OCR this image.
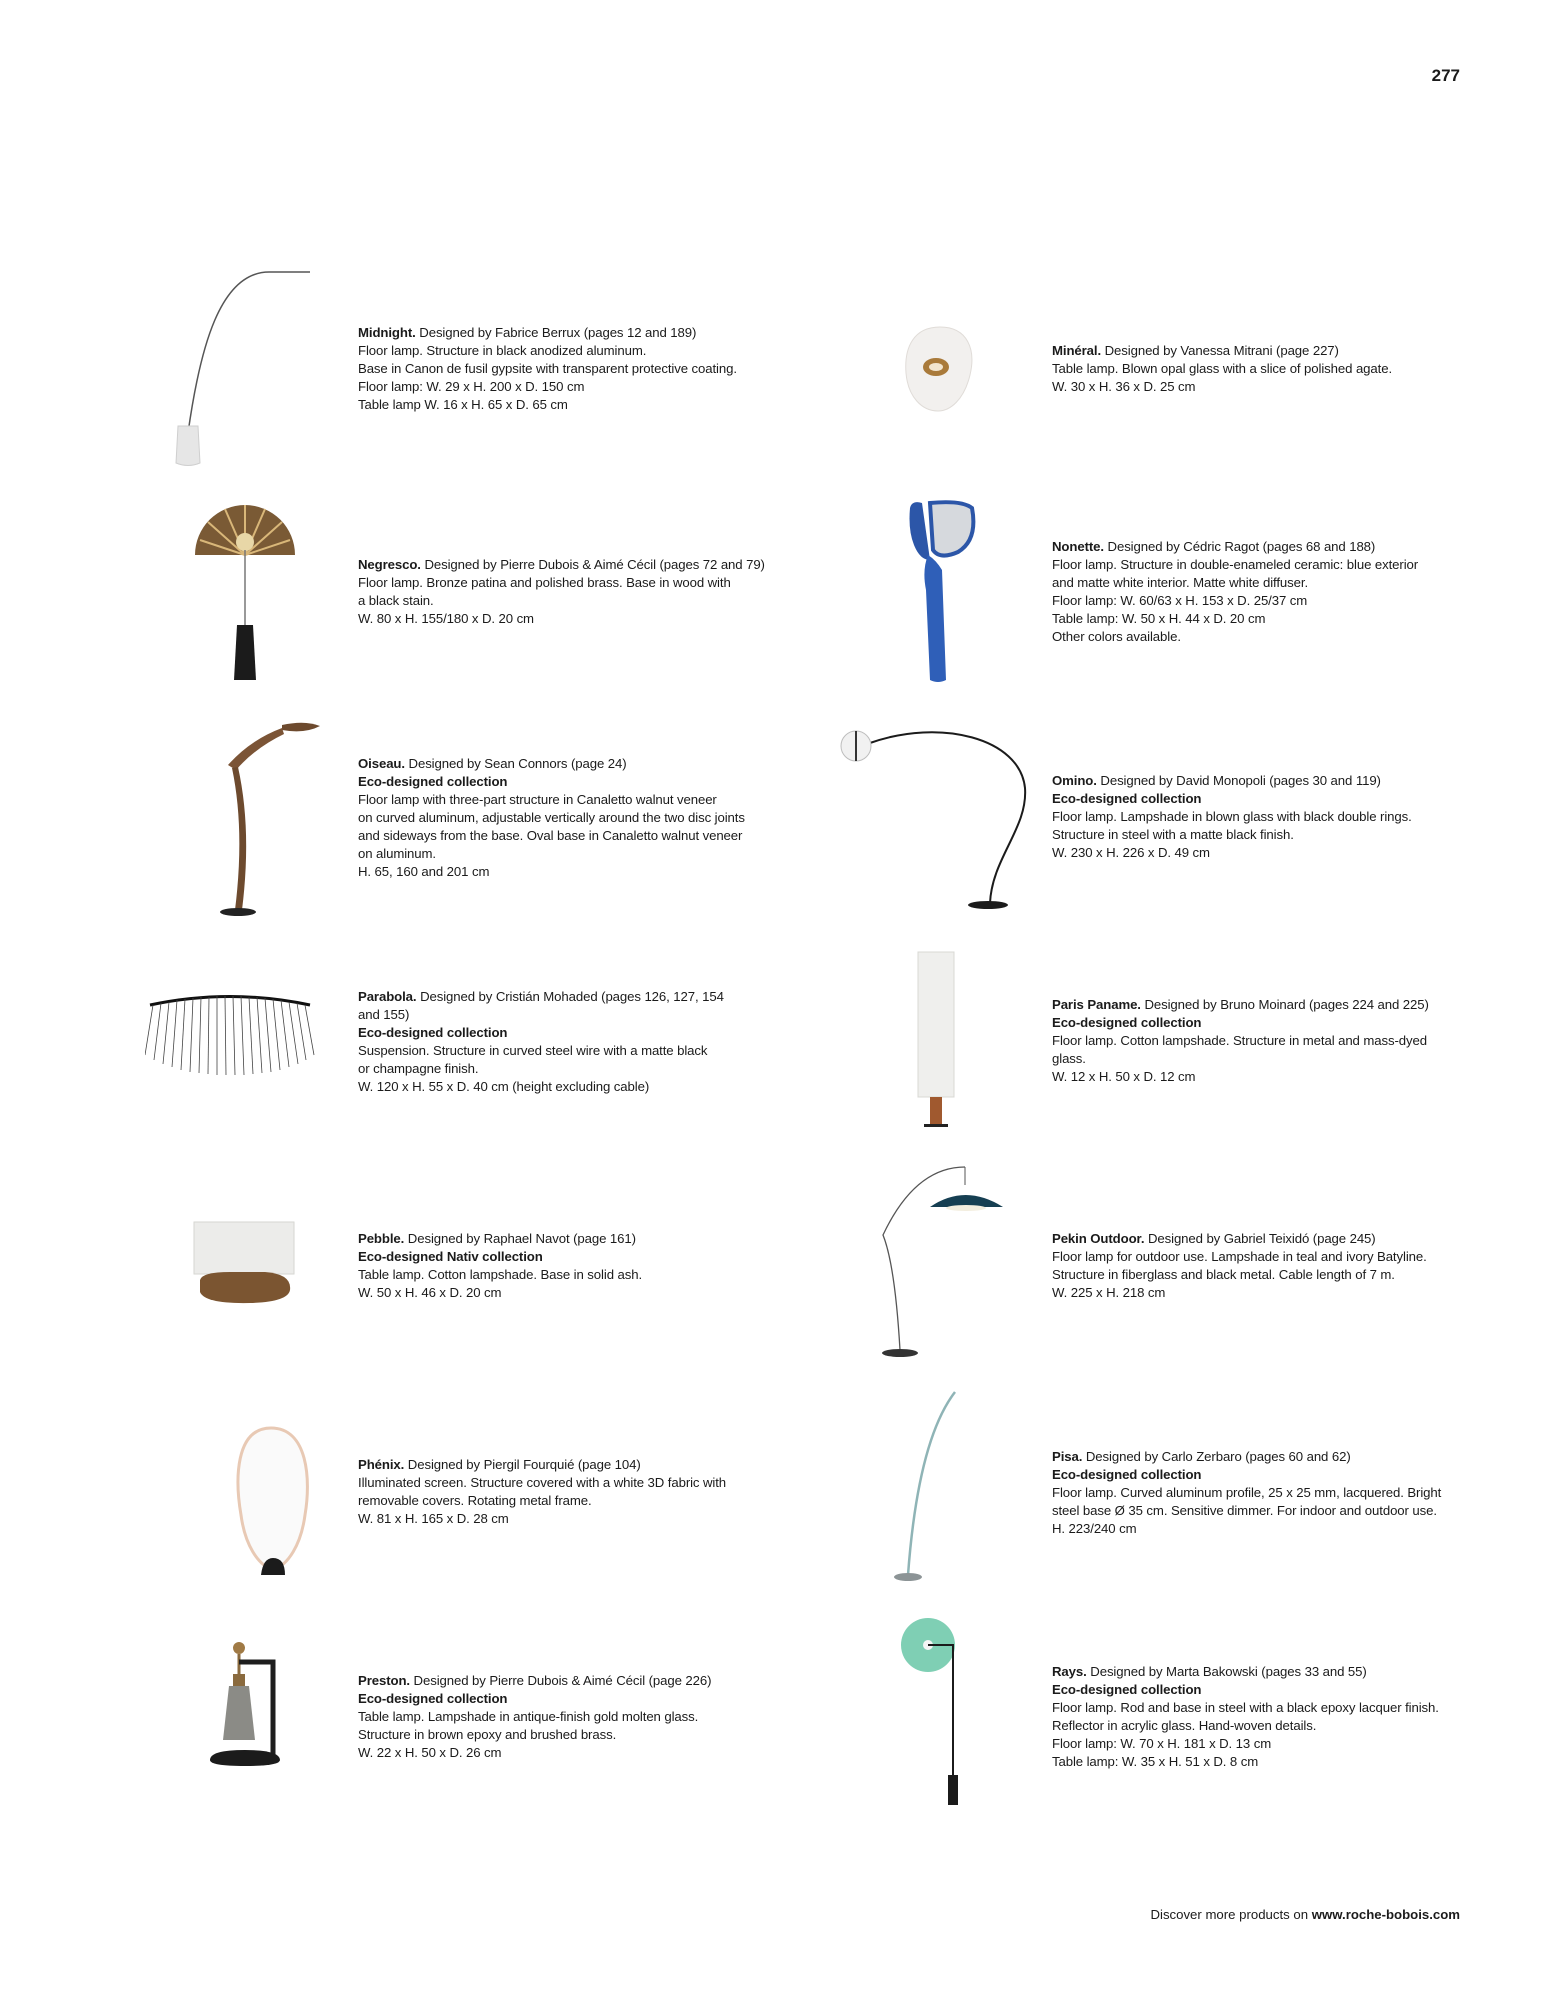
277
Midnight. Designed by Fabrice Berrux (pages 12 and 189)
Floor lamp. Structure in black anodized aluminum.
Base in Canon de fusil gypsite with transparent protective coating.
Floor lamp: W. 29 x H. 200 x D. 150 cm
Table lamp W. 16 x H. 65 x D. 65 cm
Negresco. Designed by Pierre Dubois & Aimé Cécil (pages 72 and 79)
Floor lamp. Bronze patina and polished brass. Base in wood with
a black stain.
W. 80 x H. 155/180 x D. 20 cm
Oiseau. Designed by Sean Connors (page 24)
Eco-designed collection
Floor lamp with three-part structure in Canaletto walnut veneer
on curved aluminum, adjustable vertically around the two disc joints
and sideways from the base. Oval base in Canaletto walnut veneer
on aluminum.
H. 65, 160 and 201 cm
Parabola. Designed by Cristián Mohaded (pages 126, 127, 154
and 155)
Eco-designed collection
Suspension. Structure in curved steel wire with a matte black
or champagne finish.
W. 120 x H. 55 x D. 40 cm (height excluding cable)
Pebble. Designed by Raphael Navot (page 161)
Eco-designed Nativ collection
Table lamp. Cotton lampshade. Base in solid ash.
W. 50 x H. 46 x D. 20 cm
Phénix. Designed by Piergil Fourquié (page 104)
Illuminated screen. Structure covered with a white 3D fabric with
removable covers. Rotating metal frame.
W. 81 x H. 165 x D. 28 cm
Preston. Designed by Pierre Dubois & Aimé Cécil (page 226)
Eco-designed collection
Table lamp. Lampshade in antique-finish gold molten glass.
Structure in brown epoxy and brushed brass.
W. 22 x H. 50 x D. 26 cm
Minéral. Designed by Vanessa Mitrani (page 227)
Table lamp. Blown opal glass with a slice of polished agate.
W. 30 x H. 36 x D. 25 cm
Nonette. Designed by Cédric Ragot (pages 68 and 188)
Floor lamp. Structure in double-enameled ceramic: blue exterior
and matte white interior. Matte white diffuser.
Floor lamp: W. 60/63 x H. 153 x D. 25/37 cm
Table lamp: W. 50 x H. 44 x D. 20 cm
Other colors available.
Omino. Designed by David Monopoli (pages 30 and 119)
Eco-designed collection
Floor lamp. Lampshade in blown glass with black double rings.
Structure in steel with a matte black finish.
W. 230 x H. 226 x D. 49 cm
Paris Paname. Designed by Bruno Moinard (pages 224 and 225)
Eco-designed collection
Floor lamp. Cotton lampshade. Structure in metal and mass-dyed
glass.
W. 12 x H. 50 x D. 12 cm
Pekin Outdoor. Designed by Gabriel Teixidó (page 245)
Floor lamp for outdoor use. Lampshade in teal and ivory Batyline.
Structure in fiberglass and black metal. Cable length of 7 m.
W. 225 x H. 218 cm
Pisa. Designed by Carlo Zerbaro (pages 60 and 62)
Eco-designed collection
Floor lamp. Curved aluminum profile, 25 x 25 mm, lacquered. Bright
steel base Ø 35 cm. Sensitive dimmer. For indoor and outdoor use.
H. 223/240 cm
Rays. Designed by Marta Bakowski (pages 33 and 55)
Eco-designed collection
Floor lamp. Rod and base in steel with a black epoxy lacquer finish.
Reflector in acrylic glass. Hand-woven details.
Floor lamp: W. 70 x H. 181 x D. 13 cm
Table lamp: W. 35 x H. 51 x D. 8 cm
Discover more products on www.roche-bobois.com
